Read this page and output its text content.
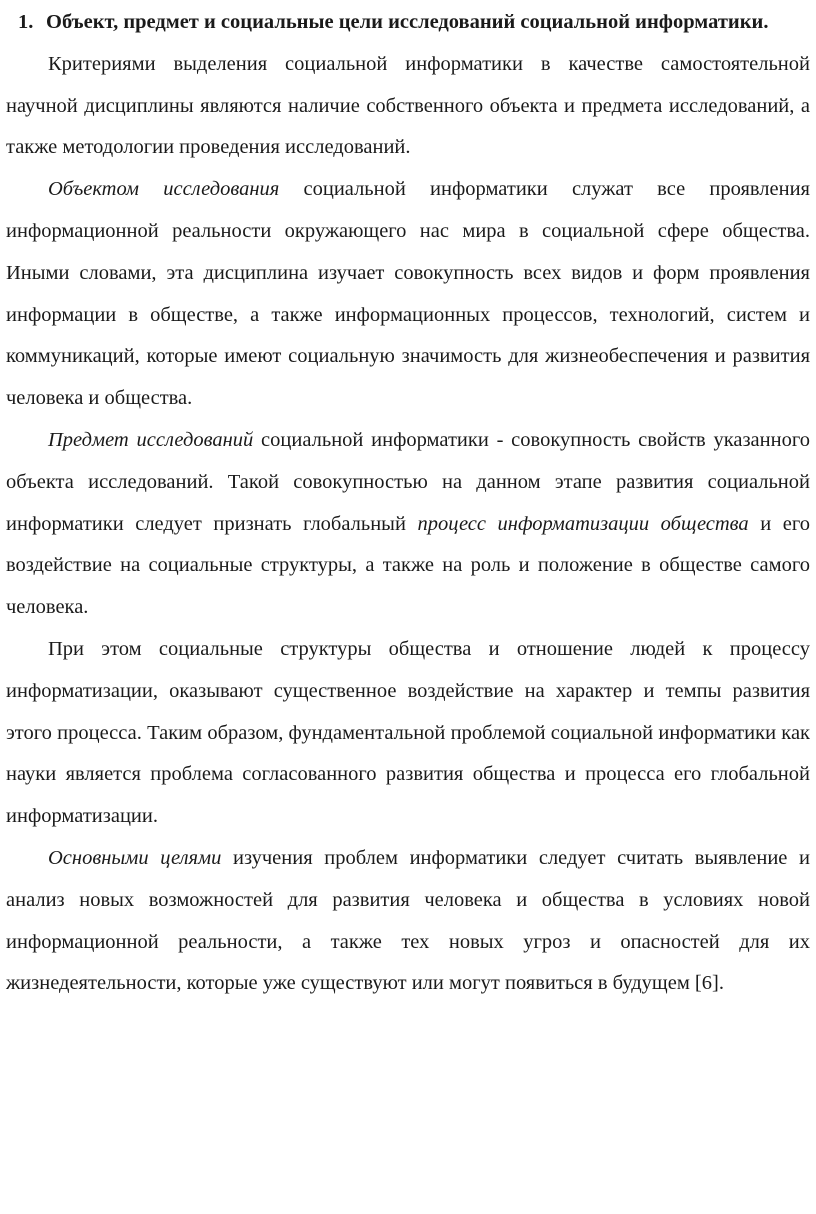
1. Объект, предмет и социальные цели исследований социальной информатики.

Критериями выделения социальной информатики в качестве самостоятельной научной дисциплины являются наличие собственного объекта и предмета исследований, а также методологии проведения исследований.

Объектом исследования социальной информатики служат все проявления информационной реальности окружающего нас мира в социальной сфере общества. Иными словами, эта дисциплина изучает совокупность всех видов и форм проявления информации в обществе, а также информационных процессов, технологий, систем и коммуникаций, которые имеют социальную значимость для жизнеобеспечения и развития человека и общества.

Предмет исследований социальной информатики - совокупность свойств указанного объекта исследований. Такой совокупностью на данном этапе развития социальной информатики следует признать глобальный процесс информатизации общества и его воздействие на социальные структуры, а также на роль и положение в обществе самого человека.

При этом социальные структуры общества и отношение людей к процессу информатизации, оказывают существенное воздействие на характер и темпы развития этого процесса. Таким образом, фундаментальной проблемой социальной информатики как науки является проблема согласованного развития общества и процесса его глобальной информатизации.

Основными целями изучения проблем информатики следует считать выявление и анализ новых возможностей для развития человека и общества в условиях новой информационной реальности, а также тех новых угроз и опасностей для их жизнедеятельности, которые уже существуют или могут появиться в будущем [6].
